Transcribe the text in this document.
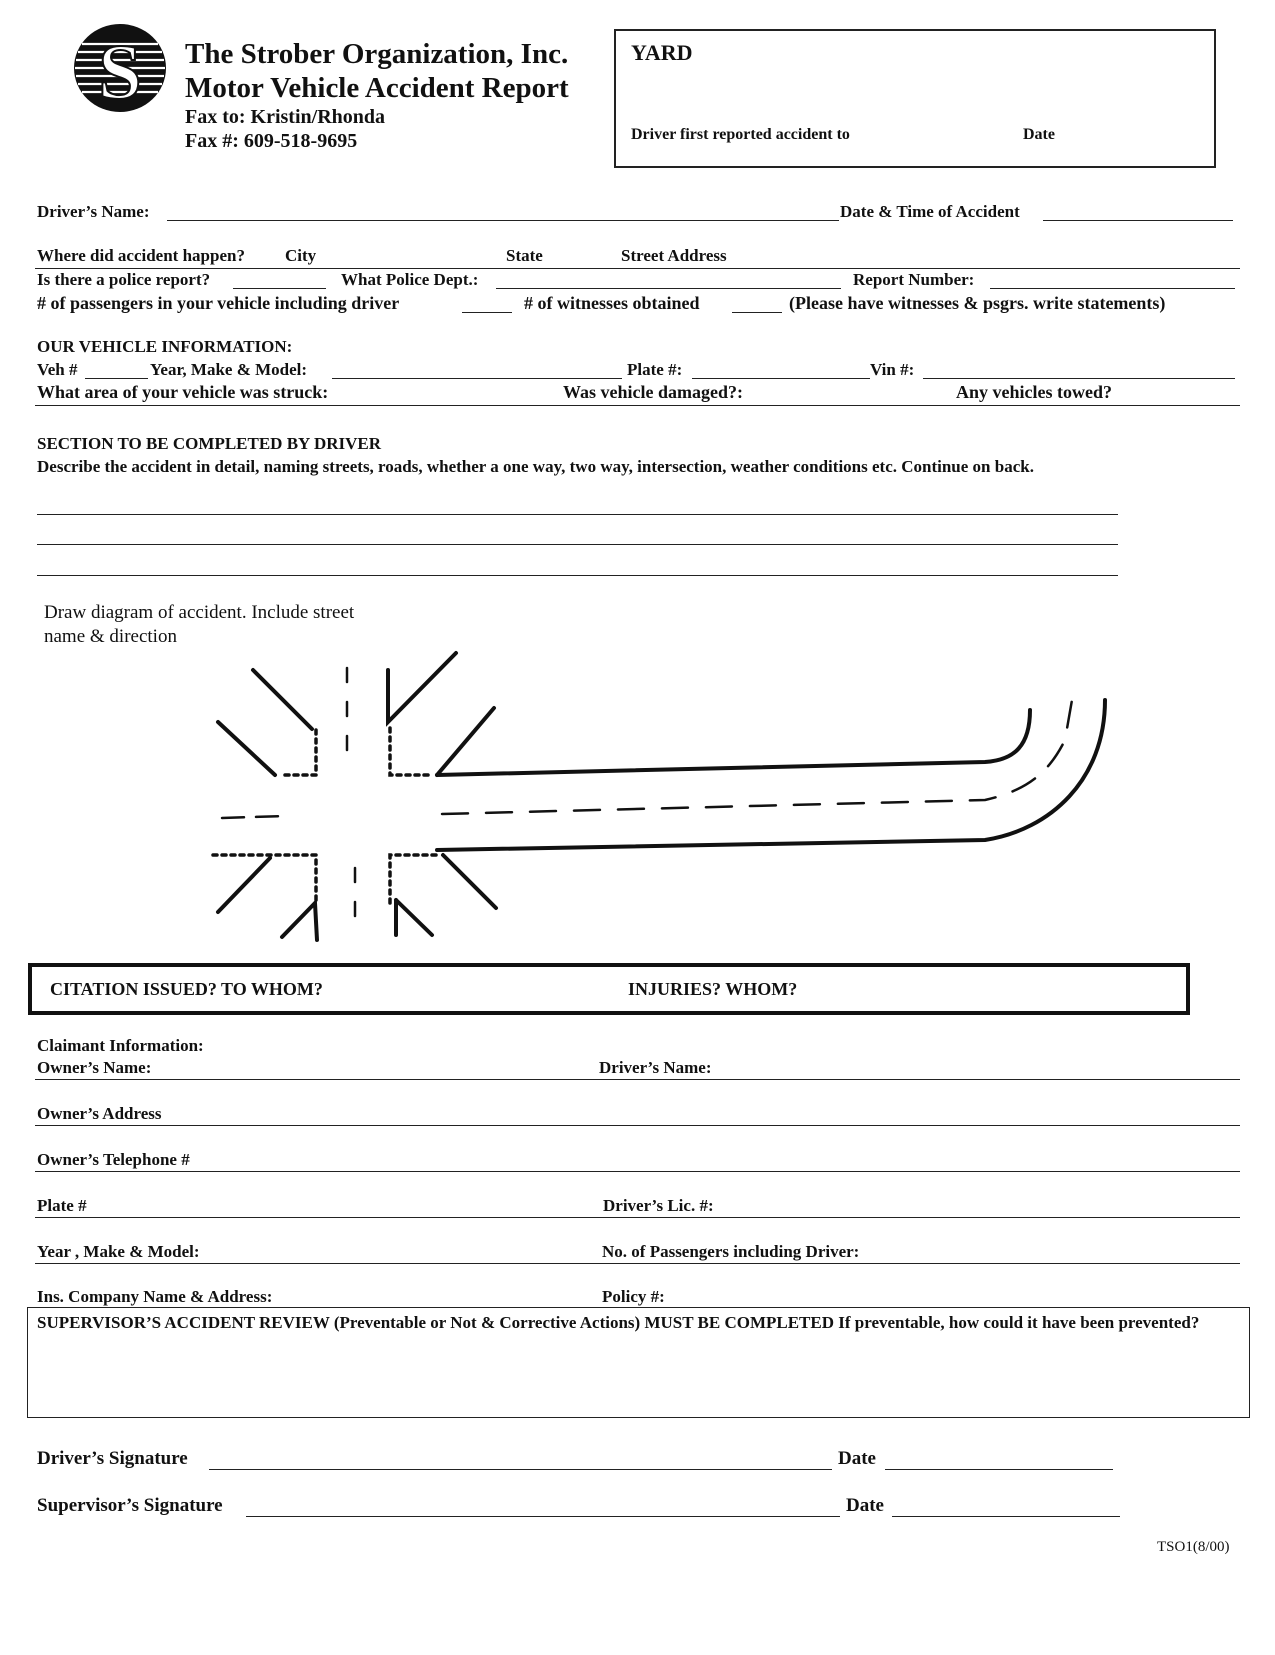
S The Strober Organization, Inc.
Motor Vehicle Accident Report
Fax to: Kristin/Rhonda
Fax #: 609-518-9695
YARD
Driver first reported accident to	Date
Driver’s Name:	Date & Time of Accident
Where did accident happen? City	State	Street Address
Is there a police report?	What Police Dept.:	Report Number:
# of passengers in your vehicle including driver	# of witnesses obtained	(Please have witnesses & psgrs. write statements)
OUR VEHICLE INFORMATION:
Veh #	Year, Make & Model:	Plate #:	Vin #:
What area of your vehicle was struck:	Was vehicle damaged?:	Any vehicles towed?
SECTION TO BE COMPLETED BY DRIVER
Describe the accident in detail, naming streets, roads, whether a one way, two way, intersection, weather conditions etc. Continue on back.
Draw diagram of accident. Include street
name & direction
CITATION ISSUED? TO WHOM?	INJURIES? WHOM?
Claimant Information:
Owner’s Name:	Driver’s Name:
Owner’s Address
Owner’s Telephone #
Plate #	Driver’s Lic. #:
Year , Make & Model:	No. of Passengers including Driver:
Ins. Company Name & Address:	Policy #:
SUPERVISOR’S ACCIDENT REVIEW (Preventable or Not & Corrective Actions) MUST BE COMPLETED If preventable, how could it have been prevented?
Driver’s Signature	Date
Supervisor’s Signature	Date
TSO1(8/00)
